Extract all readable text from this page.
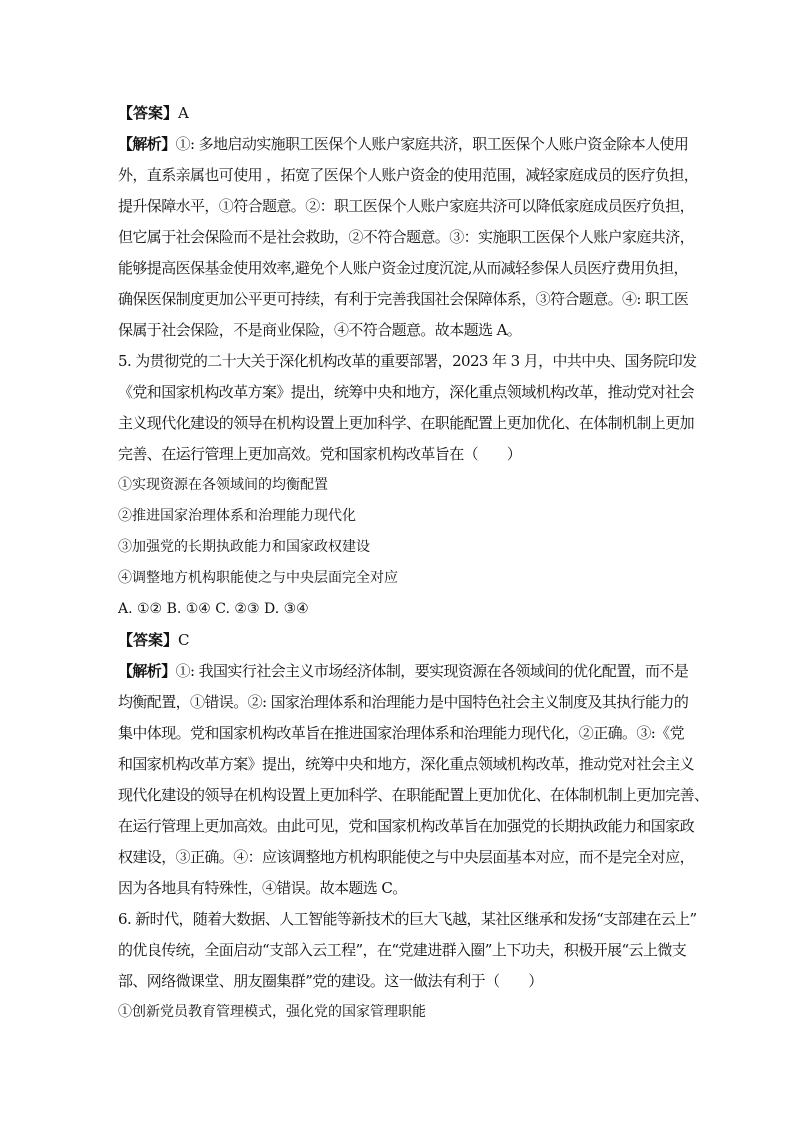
【答案】A
【解析】①: 多地启动实施职工医保个人账户家庭共济，职工医保个人账户资金除本人使用
外，直系亲属也可使用 ，拓宽了医保个人账户资金的使用范围，减轻家庭成员的医疗负担，
提升保障水平，①符合题意。②：职工医保个人账户家庭共济可以降低家庭成员医疗负担，
但它属于社会保险而不是社会救助，②不符合题意。③：实施职工医保个人账户家庭共济，
能够提高医保基金使用效率,避免个人账户资金过度沉淀,从而减轻参保人员医疗费用负担，
确保医保制度更加公平更可持续，有利于完善我国社会保障体系，③符合题意。④: 职工医
保属于社会保险，不是商业保险，④不符合题意。故本题选 A。
5. 为贯彻党的二十大关于深化机构改革的重要部署，2023 年 3 月，中共中央、国务院印发
《党和国家机构改革方案》提出，统筹中央和地方，深化重点领域机构改革，推动党对社会
主义现代化建设的领导在机构设置上更加科学、在职能配置上更加优化、在体制机制上更加
完善、在运行管理上更加高效。党和国家机构改革旨在（　　）
①实现资源在各领域间的均衡配置
②推进国家治理体系和治理能力现代化
③加强党的长期执政能力和国家政权建设
④调整地方机构职能使之与中央层面完全对应
A. ①② B. ①④ C. ②③ D. ③④
【答案】C
【解析】①: 我国实行社会主义市场经济体制，要实现资源在各领域间的优化配置，而不是
均衡配置，①错误。②: 国家治理体系和治理能力是中国特色社会主义制度及其执行能力的
集中体现。党和国家机构改革旨在推进国家治理体系和治理能力现代化，②正确。③:《党
和国家机构改革方案》提出，统筹中央和地方，深化重点领域机构改革，推动党对社会主义
现代化建设的领导在机构设置上更加科学、在职能配置上更加优化、在体制机制上更加完善、
在运行管理上更加高效。由此可见，党和国家机构改革旨在加强党的长期执政能力和国家政
权建设，③正确。④：应该调整地方机构职能使之与中央层面基本对应，而不是完全对应，
因为各地具有特殊性，④错误。故本题选 C。
6. 新时代，随着大数据、人工智能等新技术的巨大飞越，某社区继承和发扬“支部建在云上”
的优良传统，全面启动“支部入云工程”，在“党建进群入圈”上下功夫，积极开展“云上微支
部、网络微课堂、朋友圈集群”党的建设。这一做法有利于（　　）
①创新党员教育管理模式，强化党的国家管理职能
